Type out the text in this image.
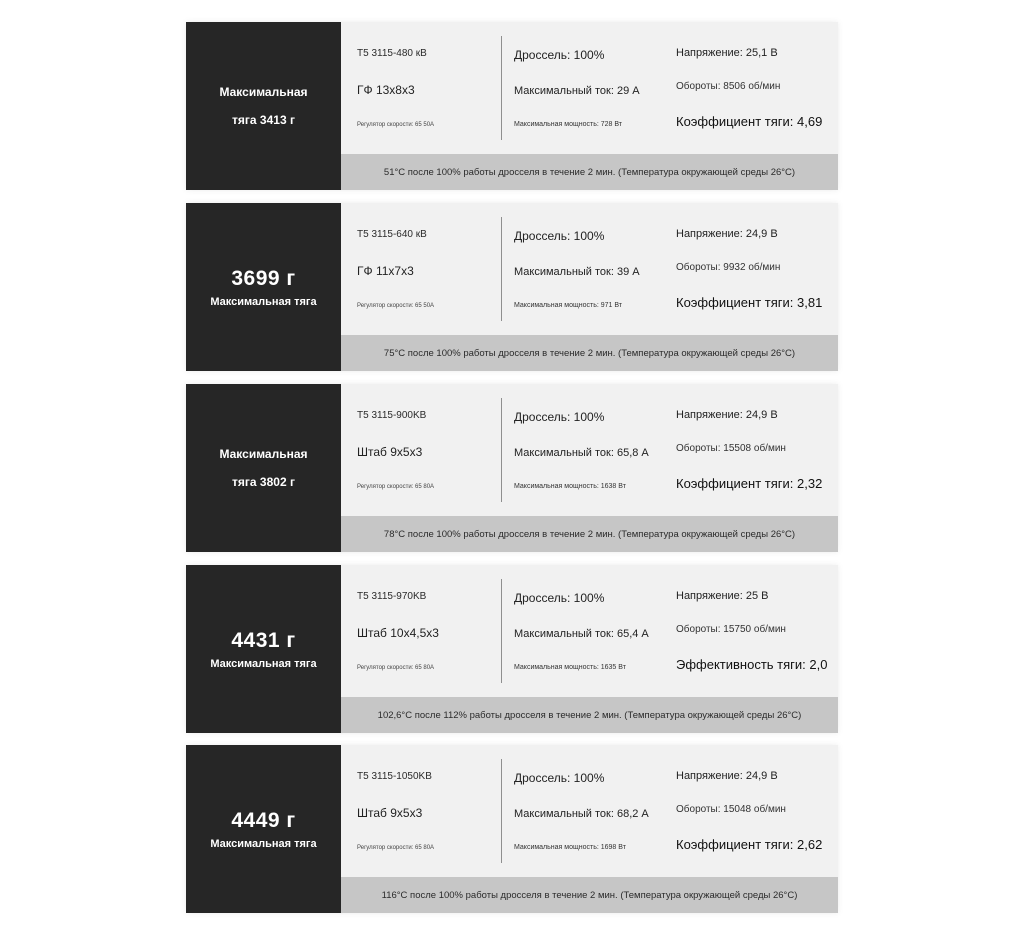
Максимальная
тяга 3413 г
T5 3115-480 кВ
ГФ 13x8x3
Регулятор скорости: 65 50A
Дроссель: 100%
Максимальный ток: 29 А
Максимальная мощность: 728 Вт
Напряжение: 25,1 В
Обороты: 8506 об/мин
Коэффициент тяги: 4,69
51°C после 100% работы дросселя в течение 2 мин. (Температура окружающей среды 26°C)
3699 г
Максимальная тяга
T5 3115-640 кВ
ГФ 11x7x3
Регулятор скорости: 65 50A
Дроссель: 100%
Максимальный ток: 39 А
Максимальная мощность: 971 Вт
Напряжение: 24,9 В
Обороты: 9932 об/мин
Коэффициент тяги: 3,81
75°C после 100% работы дросселя в течение 2 мин. (Температура окружающей среды 26°C)
Максимальная
тяга 3802 г
T5 3115-900KB
Штаб 9x5x3
Регулятор скорости: 65 80A
Дроссель: 100%
Максимальный ток: 65,8 А
Максимальная мощность: 1638 Вт
Напряжение: 24,9 В
Обороты: 15508 об/мин
Коэффициент тяги: 2,32
78°C после 100% работы дросселя в течение 2 мин. (Температура окружающей среды 26°C)
4431 г
Максимальная тяга
T5 3115-970KB
Штаб 10x4,5x3
Регулятор скорости: 65 80A
Дроссель: 100%
Максимальный ток: 65,4 А
Максимальная мощность: 1635 Вт
Напряжение: 25 В
Обороты: 15750 об/мин
Эффективность тяги: 2,0
102,6°C после 112% работы дросселя в течение 2 мин. (Температура окружающей среды 26°C)
4449 г
Максимальная тяга
T5 3115-1050KB
Штаб 9x5x3
Регулятор скорости: 65 80A
Дроссель: 100%
Максимальный ток: 68,2 А
Максимальная мощность: 1698 Вт
Напряжение: 24,9 В
Обороты: 15048 об/мин
Коэффициент тяги: 2,62
116°C после 100% работы дросселя в течение 2 мин. (Температура окружающей среды 26°C)
